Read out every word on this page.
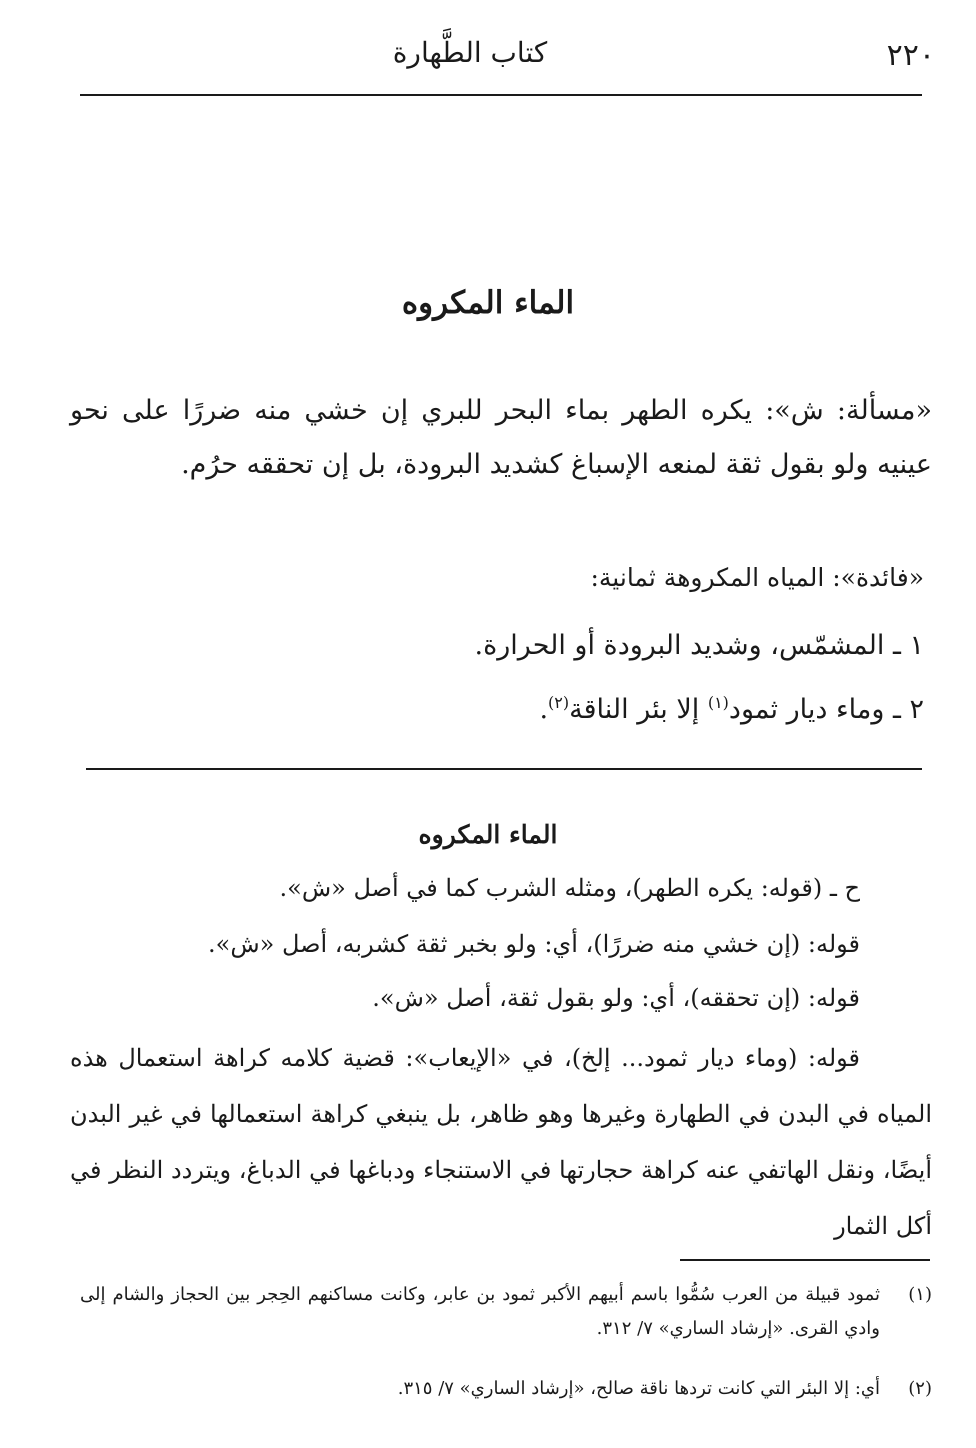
٢٢٠
كتاب الطَّهارة
الماء المكروه
«مسألة: ش»: يكره الطهر بماء البحر للبري إن خشي منه ضررًا على نحو عينيه ولو بقول ثقة لمنعه الإسباغ كشديد البرودة، بل إن تحققه حرُم.
«فائدة»: المياه المكروهة ثمانية:
١ ـ المشمّس، وشديد البرودة أو الحرارة.
٢ ـ وماء ديار ثمود$^{(١)}$ إلا بئر الناقة$^{(٢)}$.
الماء المكروه
ح ـ (قوله: يكره الطهر)، ومثله الشرب كما في أصل «ش».
قوله: (إن خشي منه ضررًا)، أي: ولو بخبر ثقة كشربه، أصل «ش».
قوله: (إن تحققه)، أي: ولو بقول ثقة، أصل «ش».
قوله: (وماء ديار ثمود... إلخ)، في «الإيعاب»: قضية كلامه كراهة استعمال هذه المياه في البدن في الطهارة وغيرها وهو ظاهر، بل ينبغي كراهة استعمالها في غير البدن أيضًا، ونقل الهاتفي عنه كراهة حجارتها في الاستنجاء ودباغها في الدباغ، ويتردد النظر في أكل الثمار
(١)
ثمود قبيلة من العرب سُمُّوا باسم أبيهم الأكبر ثمود بن عابر، وكانت مساكنهم الحِجر بين الحجاز والشام إلى وادي القرى. «إرشاد الساري» ٧/ ٣١٢.
(٢)
أي: إلا البئر التي كانت تردها ناقة صالح، «إرشاد الساري» ٧/ ٣١٥.
